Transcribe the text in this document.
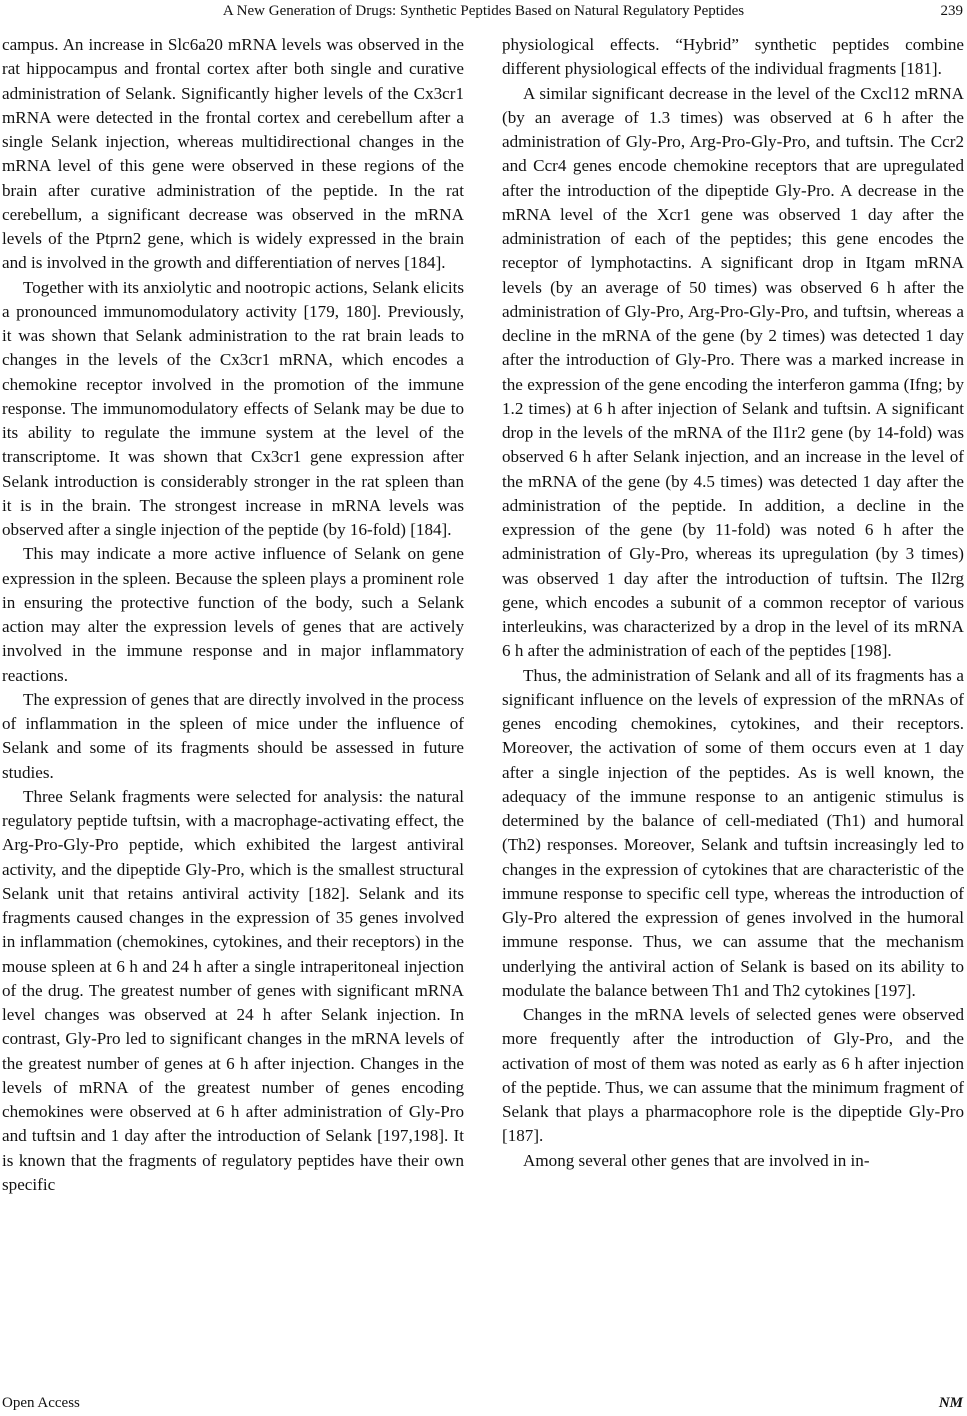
A New Generation of Drugs: Synthetic Peptides Based on Natural Regulatory Peptides	239

campus. An increase in Slc6a20 mRNA levels was observed in the rat hippocampus and frontal cortex after both single and curative administration of Selank. Significantly higher levels of the Cx3cr1 mRNA were detected in the frontal cortex and cerebellum after a single Selank injection, whereas multidirectional changes in the mRNA level of this gene were observed in these regions of the brain after curative administration of the peptide. In the rat cerebellum, a significant decrease was observed in the mRNA levels of the Ptprn2 gene, which is widely expressed in the brain and is involved in the growth and differentiation of nerves [184].

Together with its anxiolytic and nootropic actions, Selank elicits a pronounced immunomodulatory activity [179, 180]. Previously, it was shown that Selank administration to the rat brain leads to changes in the levels of the Cx3cr1 mRNA, which encodes a chemokine receptor involved in the promotion of the immune response. The immunomodulatory effects of Selank may be due to its ability to regulate the immune system at the level of the transcriptome. It was shown that Cx3cr1 gene expression after Selank introduction is considerably stronger in the rat spleen than it is in the brain. The strongest increase in mRNA levels was observed after a single injection of the peptide (by 16-fold) [184].

This may indicate a more active influence of Selank on gene expression in the spleen. Because the spleen plays a prominent role in ensuring the protective function of the body, such a Selank action may alter the expression levels of genes that are actively involved in the immune response and in major inflammatory reactions.

The expression of genes that are directly involved in the process of inflammation in the spleen of mice under the influence of Selank and some of its fragments should be assessed in future studies.

Three Selank fragments were selected for analysis: the natural regulatory peptide tuftsin, with a macrophage-activating effect, the Arg-Pro-Gly-Pro peptide, which exhibited the largest antiviral activity, and the dipeptide Gly-Pro, which is the smallest structural Selank unit that retains antiviral activity [182]. Selank and its fragments caused changes in the expression of 35 genes involved in inflammation (chemokines, cytokines, and their receptors) in the mouse spleen at 6 h and 24 h after a single intraperitoneal injection of the drug. The greatest number of genes with significant mRNA level changes was observed at 24 h after Selank injection. In contrast, Gly-Pro led to significant changes in the mRNA levels of the greatest number of genes at 6 h after injection. Changes in the levels of mRNA of the greatest number of genes encoding chemokines were observed at 6 h after administration of Gly-Pro and tuftsin and 1 day after the introduction of Selank [197,198]. It is known that the fragments of regulatory peptides have their own specific

physiological effects. “Hybrid” synthetic peptides combine different physiological effects of the individual fragments [181].

A similar significant decrease in the level of the Cxcl12 mRNA (by an average of 1.3 times) was observed at 6 h after the administration of Gly-Pro, Arg-Pro-Gly-Pro, and tuftsin. The Ccr2 and Ccr4 genes encode chemokine receptors that are upregulated after the introduction of the dipeptide Gly-Pro. A decrease in the mRNA level of the Xcr1 gene was observed 1 day after the administration of each of the peptides; this gene encodes the receptor of lymphotactins. A significant drop in Itgam mRNA levels (by an average of 50 times) was observed 6 h after the administration of Gly-Pro, Arg-Pro-Gly-Pro, and tuftsin, whereas a decline in the mRNA of the gene (by 2 times) was detected 1 day after the introduction of Gly-Pro. There was a marked increase in the expression of the gene encoding the interferon gamma (Ifng; by 1.2 times) at 6 h after injection of Selank and tuftsin. A significant drop in the levels of the mRNA of the Il1r2 gene (by 14-fold) was observed 6 h after Selank injection, and an increase in the level of the mRNA of the gene (by 4.5 times) was detected 1 day after the administration of the peptide. In addition, a decline in the expression of the gene (by 11-fold) was noted 6 h after the administration of Gly-Pro, whereas its upregulation (by 3 times) was observed 1 day after the introduction of tuftsin. The Il2rg gene, which encodes a subunit of a common receptor of various interleukins, was characterized by a drop in the level of its mRNA 6 h after the administration of each of the peptides [198].

Thus, the administration of Selank and all of its fragments has a significant influence on the levels of expression of the mRNAs of genes encoding chemokines, cytokines, and their receptors. Moreover, the activation of some of them occurs even at 1 day after a single injection of the peptides. As is well known, the adequacy of the immune response to an antigenic stimulus is determined by the balance of cell-mediated (Th1) and humoral (Th2) responses. Moreover, Selank and tuftsin increasingly led to changes in the expression of cytokines that are characteristic of the immune response to specific cell type, whereas the introduction of Gly-Pro altered the expression of genes involved in the humoral immune response. Thus, we can assume that the mechanism underlying the antiviral action of Selank is based on its ability to modulate the balance between Th1 and Th2 cytokines [197].

Changes in the mRNA levels of selected genes were observed more frequently after the introduction of Gly-Pro, and the activation of most of them was noted as early as 6 h after injection of the peptide. Thus, we can assume that the minimum fragment of Selank that plays a pharmacophore role is the dipeptide Gly-Pro [187].

Among several other genes that are involved in in-

Open Access	NM
